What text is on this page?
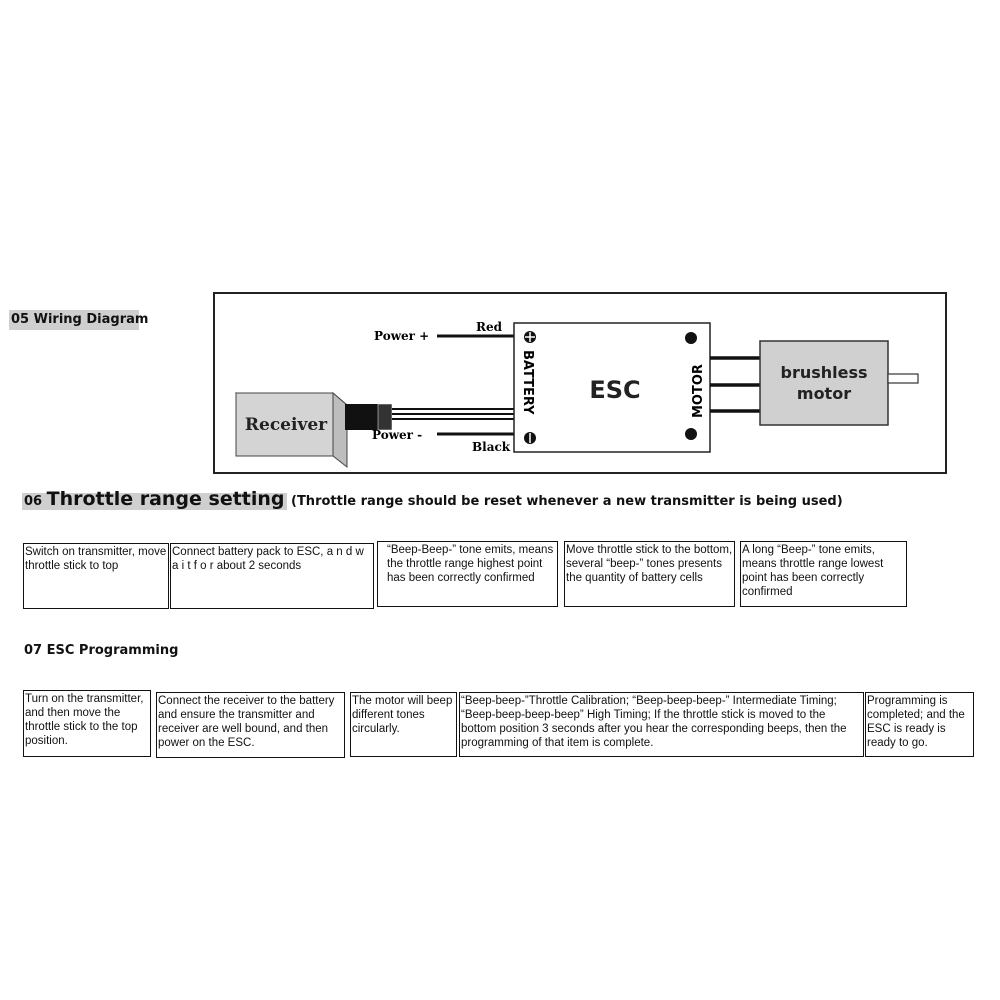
05 Wiring Diagram
Receiver
Power +
Red
Power -
Black
ESC
BATTERY	MOTOR	brushless
motor
06 Throttle range setting (Throttle range should be reset whenever a new transmitter is being used)
Switch on transmitter, move throttle stick to top
Connect battery pack to ESC, a n d w a i t f o r about 2 seconds
“Beep-Beep-” tone emits, means the throttle range highest point has been correctly confirmed
Move throttle stick to the bottom, several “beep-” tones presents the quantity of battery cells
A long “Beep-” tone emits, means throttle range lowest point has been correctly confirmed
07 ESC Programming
Turn on the transmitter, and then move the throttle stick to the top position.
Connect the receiver to the battery and ensure the transmitter and receiver are well bound, and then power on the ESC.
The motor will beep different tones circularly.
“Beep-beep-”Throttle Calibration; “Beep-beep-beep-” Intermediate Timing; “Beep-beep-beep-beep” High Timing; If the throttle stick is moved to the bottom position 3 seconds after you hear the corresponding beeps, then the programming of that item is complete.
Programming is completed; and the ESC is ready is ready to go.
